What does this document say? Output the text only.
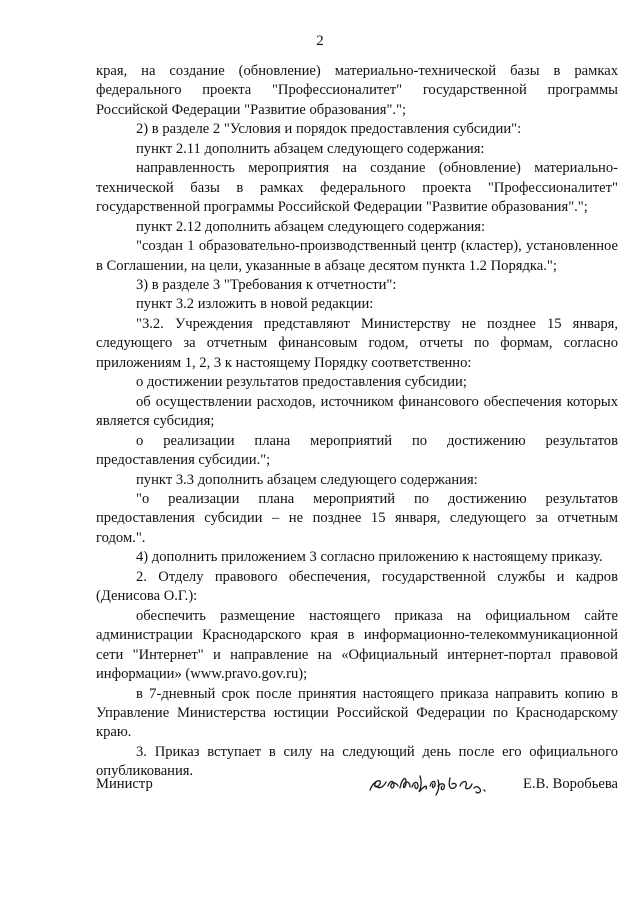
2

края, на создание (обновление) материально-технической базы в рамках федерального проекта "Профессионалитет" государственной программы Российской Федерации "Развитие образования".";

2) в разделе 2 "Условия и порядок предоставления субсидии":

пункт 2.11 дополнить абзацем следующего содержания:

направленность мероприятия на создание (обновление) материально-технической базы в рамках федерального проекта "Профессионалитет" государственной программы Российской Федерации "Развитие образования".";

пункт 2.12 дополнить абзацем следующего содержания:

"создан 1 образовательно-производственный центр (кластер), установленное в Соглашении, на цели, указанные в абзаце десятом пункта 1.2 Порядка.";

3) в разделе 3 "Требования к отчетности":

пункт 3.2 изложить в новой редакции:

"3.2. Учреждения представляют Министерству не позднее 15 января, следующего за отчетным финансовым годом, отчеты по формам, согласно приложениям 1, 2, 3 к настоящему Порядку соответственно:

о достижении результатов предоставления субсидии;

об осуществлении расходов, источником финансового обеспечения которых является субсидия;

о реализации плана мероприятий по достижению результатов предоставления субсидии.";

пункт 3.3 дополнить абзацем следующего содержания:

"о реализации плана мероприятий по достижению результатов предоставления субсидии – не позднее 15 января, следующего за отчетным годом.".

4) дополнить приложением 3 согласно приложению к настоящему приказу.

2. Отделу правового обеспечения, государственной службы и кадров (Денисова О.Г.):

обеспечить размещение настоящего приказа на официальном сайте администрации Краснодарского края в информационно-телекоммуникационной сети "Интернет" и направление на «Официальный интернет-портал правовой информации» (www.pravo.gov.ru);

в 7-дневный срок после принятия настоящего приказа направить копию в Управление Министерства юстиции Российской Федерации по Краснодарскому краю.

3. Приказ вступает в силу на следующий день после его официального опубликования.

Министр	Е.В. Воробьева
